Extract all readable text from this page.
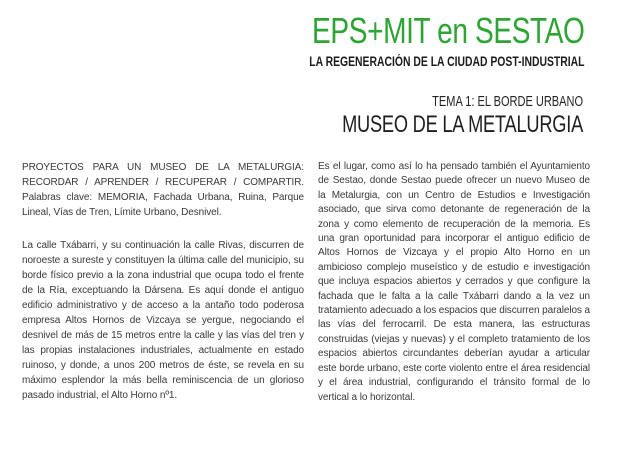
EPS+MIT en SESTAO
LA REGENERACIÓN DE LA CIUDAD POST-INDUSTRIAL
TEMA 1: EL BORDE URBANO
MUSEO DE LA METALURGIA

PROYECTOS PARA UN MUSEO DE LA METALURGIA: RECORDAR / APRENDER / RECUPERAR / COMPARTIR. Palabras clave: MEMORIA, Fachada Urbana, Ruina, Parque Lineal, Vías de Tren, Límite Urbano, Desnivel.

La calle Txábarri, y su continuación la calle Rivas, discurren de noroeste a sureste y constituyen la última calle del municipio, su borde físico previo a la zona industrial que ocupa todo el frente de la Ría, exceptuando la Dársena. Es aquí donde el antiguo edificio administrativo y de acceso a la antaño todo poderosa empresa Altos Hornos de Vizcaya se yergue, negociando el desnivel de más de 15 metros entre la calle y las vías del tren y las propias instalaciones industriales, actualmente en estado ruinoso, y donde, a unos 200 metros de éste, se revela en su máximo esplendor la más bella reminiscencia de un glorioso pasado industrial, el Alto Horno nº1.

Es el lugar, como así lo ha pensado también el Ayuntamiento de Sestao, donde Sestao puede ofrecer un nuevo Museo de la Metalurgia, con un Centro de Estudios e Investigación asociado, que sirva como detonante de regeneración de la zona y como elemento de recuperación de la memoria. Es una gran oportunidad para incorporar el antiguo edificio de Altos Hornos de Vizcaya y el propio Alto Horno en un ambicioso complejo museístico y de estudio e investigación que incluya espacios abiertos y cerrados y que configure la fachada que le falta a la calle Txábarri dando a la vez un tratamiento adecuado a los espacios que discurren paralelos a las vías del ferrocarril. De esta manera, las estructuras construidas (viejas y nuevas) y el completo tratamiento de los espacios abiertos circundantes deberían ayudar a articular este borde urbano, este corte violento entre el área residencial y el área industrial, configurando el tránsito formal de lo vertical a lo horizontal.
